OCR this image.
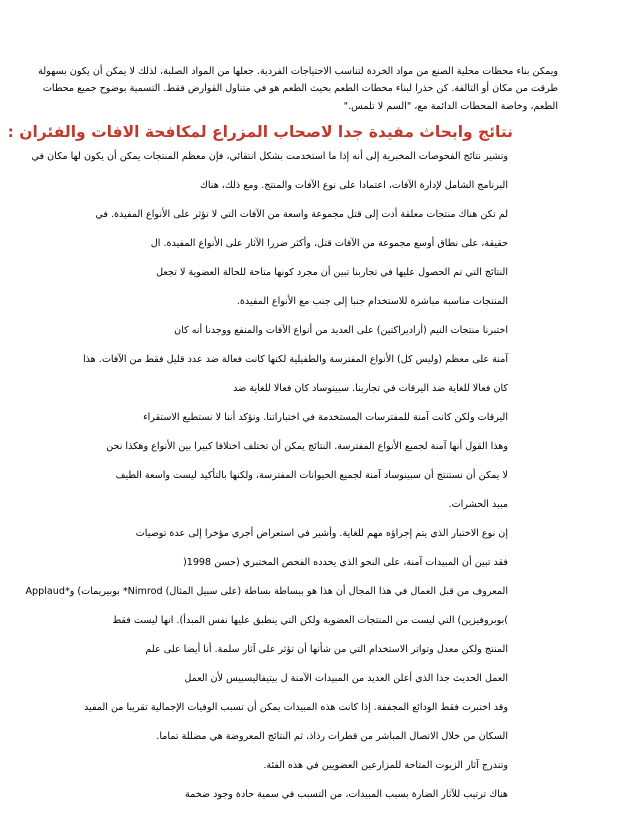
ويمكن بناء محطات محلية الصنع من مواد الخردة لتناسب الاحتياجات الفردية. جعلها من المواد الصلبة، لذلك لا يمكن أن يكون بسهولة
طرقت من مكان أو التالفة. كن حذرا لبناء محطات الطعم بحيث الطعم هو في متناول القوارض فقط. التسمية بوضوح جميع محطات
الطعم، وخاصة المحطات الدائمة مع، "السم لا تلمس."
نتائج وابحاث مفيدة جدا لاصحاب المزراع لمكافحة الافات والفئران :
وتشير نتائج الفحوصات المخبرية إلى أنه إذا ما استخدمت بشكل انتقائي، فإن معظم المنتجات يمكن أن يكون لها مكان في
البرنامج الشامل لإدارة الآفات، اعتمادا على نوع الآفات والمنتج. ومع ذلك، هناك
لم تكن هناك منتجات معلقة أدت إلى قتل مجموعة واسعة من الآفات التي لا تؤثر على الأنواع المفيدة. في
حقيقة، على نطاق أوسع مجموعة من الآفات قتل، وأكثر ضررا الآثار على الأنواع المفيدة. ال
النتائج التي تم الحصول عليها في تجاربنا تبين أن مجرد كونها متاحة للحالة العضوية لا تجعل
المنتجات مناسبة مباشرة للاستخدام جنبا إلى جنب مع الأنواع المفيدة.
اختبرنا منتجات النيم (أزاديراكتين) على العديد من أنواع الآفات والمنفع ووجدنا أنه كان
آمنة على معظم (وليس كل) الأنواع المفترسة والطفيلية لكنها كانت فعالة ضد عدد قليل فقط من الآفات. هذا
كان فعالا للغاية ضد اليرقات في تجاربنا. سبينوساد كان فعالا للغاية ضد
اليرقات ولكن كانت آمنة للمفترسات المستخدمة في اختباراتنا. ونؤكد أننا لا نستطيع الاستقراء
وهذا القول أنها آمنة لجميع الأنواع المفترسة. النتائج يمكن أن تختلف اختلافا كبيرا بين الأنواع وهكذا نحن
لا يمكن أن نستنتج أن سبينوساد آمنة لجميع الحيوانات المفترسة، ولكنها بالتأكيد ليست واسعة الطيف
مبيد الحشرات.
إن نوع الاختبار الذي يتم إجراؤه مهم للغاية. وأشير في استعراض أجري مؤخرا إلى عدة توصيات
فقد تبين أن المبيدات آمنة، على النحو الذي يحدده الفحص المختبري (حسن 1998(
المعروف من قبل العمال في هذا المجال أن هذا هو ببساطة بساطة (على سبيل المثال) Nimrod* بوبيريمات) و*Applaud
)بوبروفيزين) التي ليست من المنتجات العضوية ولكن التي ينطبق عليها نفس المبدأ). انها ليست فقط
المنتج ولكن معدل وتواتر الاستخدام التي من شأنها أن تؤثر على آثار سلمة. أنا أيضا على علم
العمل الحديث جدا الذي أعلن العديد من المبيدات الآمنة ل بيتيفاليسبيس لأن العمل
وقد اختبرت فقط الودائع المجففة. إذا كانت هذه المبيدات يمكن أن تسبب الوفيات الإجمالية تقريبا من المفيد
السكان من خلال الاتصال المباشر من قطرات رذاذ، ثم النتائج المعروضة هي مضللة تماما.
وتندرج آثار الزيوت المتاحة للمزارعين العضويين في هذه الفئة.
هناك ترتيب للآثار الضارة بسبب المبيدات، من التسبب في سمية حادة وجود ضخمة
